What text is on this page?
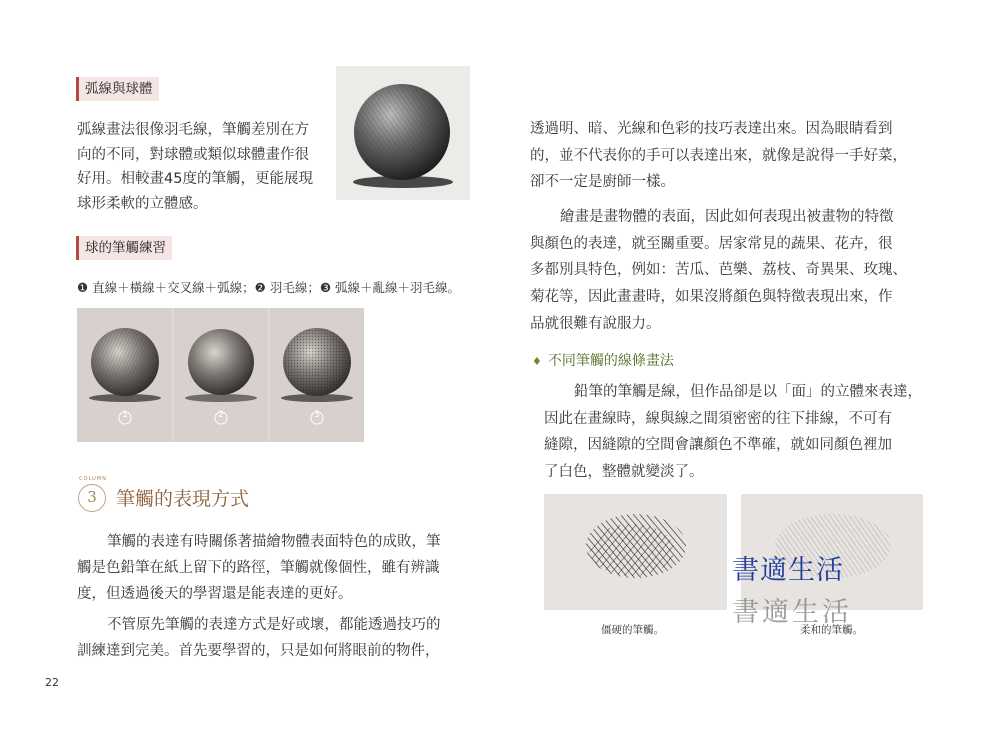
弧線與球體
弧線畫法很像羽毛線，筆觸差別在方
向的不同，對球體或類似球體畫作很
好用。相較畫45度的筆觸，更能展現
球形柔軟的立體感。
球的筆觸練習
❶ 直線＋橫線＋交叉線＋弧線；❷ 羽毛線；❸ 弧線＋亂線＋羽毛線。
1	2	3
COLUMN
3	筆觸的表現方式
筆觸的表達有時關係著描繪物體表面特色的成敗，筆
觸是色鉛筆在紙上留下的路徑，筆觸就像個性，雖有辨識
度，但透過後天的學習還是能表達的更好。
不管原先筆觸的表達方式是好或壞，都能透過技巧的
訓練達到完美。首先要學習的，只是如何將眼前的物件，
22
透過明、暗、光線和色彩的技巧表達出來。因為眼睛看到
的，並不代表你的手可以表達出來，就像是說得一手好菜，
卻不一定是廚師一樣。
繪畫是畫物體的表面，因此如何表現出被畫物的特徵
與顏色的表達，就至關重要。居家常見的蔬果、花卉，很
多都別具特色，例如：苦瓜、芭樂、荔枝、奇異果、玫瑰、
菊花等，因此畫畫時，如果沒將顏色與特徵表現出來，作
品就很難有說服力。
♦ 不同筆觸的線條畫法
鉛筆的筆觸是線，但作品卻是以「面」的立體來表達，
因此在畫線時，線與線之間須密密的往下排線，不可有
縫隙，因縫隙的空間會讓顏色不準確，就如同顏色裡加
了白色，整體就變淡了。
僵硬的筆觸。	柔和的筆觸。
書適生活
書適生活
